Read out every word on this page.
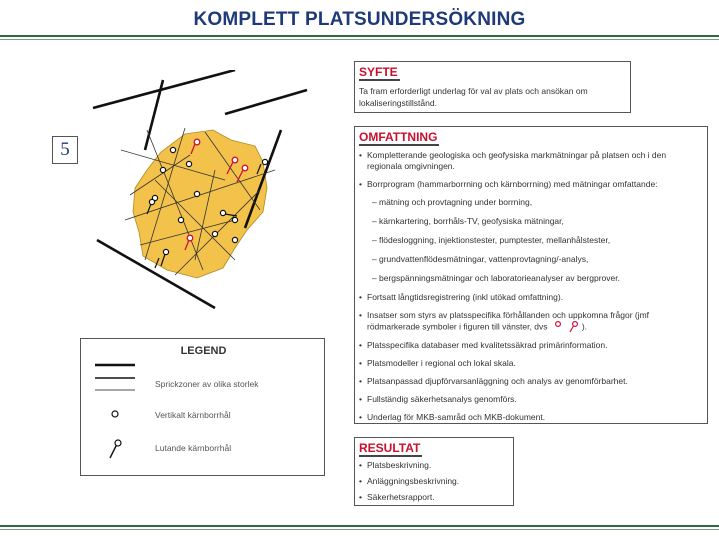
KOMPLETT PLATSUNDERSÖKNING
5
SYFTE
Ta fram erforderligt underlag för val av plats och ansökan om lokaliseringstillstånd.
OMFATTNING
• Kompletterande geologiska och geofysiska markmätningar på platsen och i den regionala omgivningen.
• Borrprogram (hammarborrning och kärnborrning) med mätningar omfattande:
– mätning och provtagning under borrning,
– kärnkartering, borrhåls-TV, geofysiska mätningar,
– flödesloggning, injektionstester, pumptester, mellanhålstester,
– grundvattenflödesmätningar, vattenprovtagning/-analys,
– bergspänningsmätningar och laboratorieanalyser av bergprover.
• Fortsatt långtidsregistrering (inkl utökad omfattning).
• Insatser som styrs av platsspecifika förhållanden och uppkomna frågor (jmf rödmarkerade symboler i figuren till vänster, dvs	).
• Platsspecifika databaser med kvalitetssäkrad primärinformation.
• Platsmodeller i regional och lokal skala.
• Platsanpassad djupförvarsanläggning och analys av genomförbarhet.
• Fullständig säkerhetsanalys genomförs.
• Underlag för MKB-samråd och MKB-dokument.
RESULTAT
• Platsbeskrivning.
• Anläggningsbeskrivning.
• Säkerhetsrapport.
LEGEND
Sprickzoner av olika storlek
Vertikalt kärnborrhål
Lutande kärnborrhål
